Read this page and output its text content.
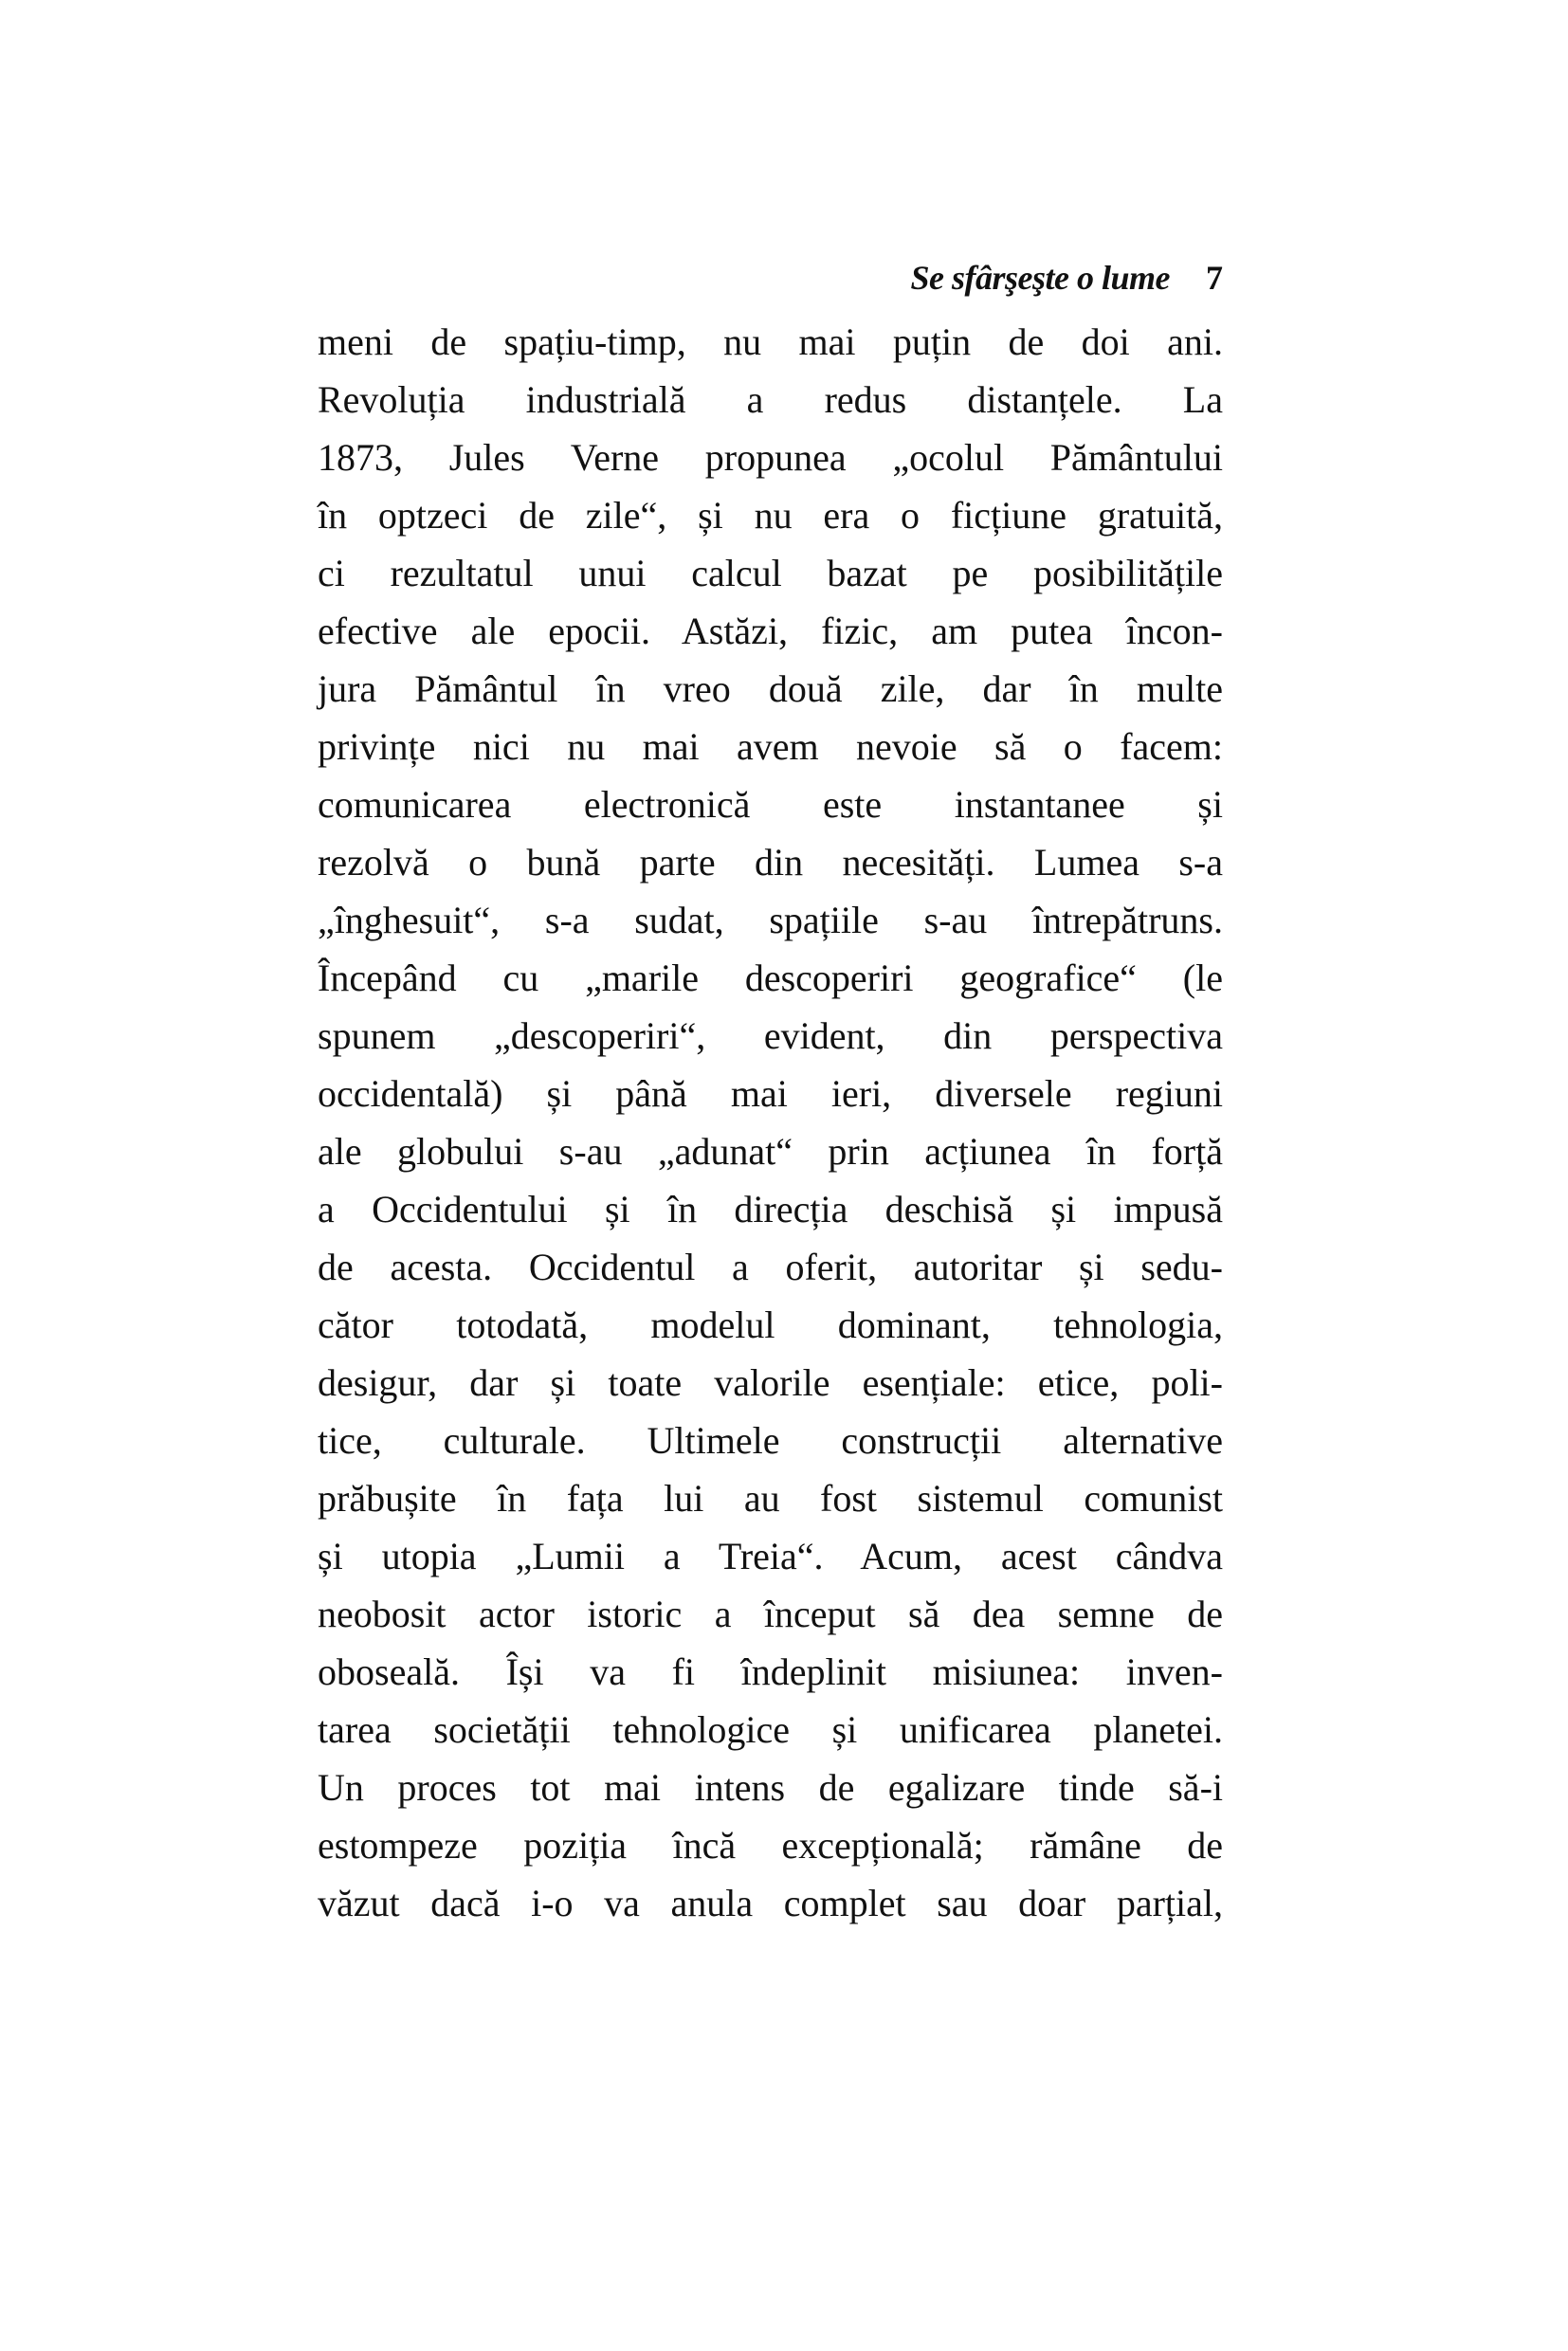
Se sfârşeşte o lume 7
meni de spațiu-timp, nu mai puțin de doi ani.
Revoluția industrială a redus distanțele. La
1873, Jules Verne propunea „ocolul Pământului
în optzeci de zile“, și nu era o ficțiune gratuită,
ci rezultatul unui calcul bazat pe posibilitățile
efective ale epocii. Astăzi, fizic, am putea încon-
jura Pământul în vreo două zile, dar în multe
privințe nici nu mai avem nevoie să o facem:
comunicarea electronică este instantanee și
rezolvă o bună parte din necesități. Lumea s-a
„înghesuit“, s-a sudat, spațiile s-au întrepătruns.
Începând cu „marile descoperiri geografice“ (le
spunem „descoperiri“, evident, din perspectiva
occidentală) și până mai ieri, diversele regiuni
ale globului s-au „adunat“ prin acțiunea în forță
a Occidentului și în direcția deschisă și impusă
de acesta. Occidentul a oferit, autoritar și sedu-
cător totodată, modelul dominant, tehnologia,
desigur, dar și toate valorile esențiale: etice, poli-
tice, culturale. Ultimele construcții alternative
prăbușite în fața lui au fost sistemul comunist
și utopia „Lumii a Treia“. Acum, acest cândva
neobosit actor istoric a început să dea semne de
oboseală. Își va fi îndeplinit misiunea: inven-
tarea societății tehnologice și unificarea planetei.
Un proces tot mai intens de egalizare tinde să-i
estompeze poziția încă excepțională; rămâne de
văzut dacă i-o va anula complet sau doar parțial,
